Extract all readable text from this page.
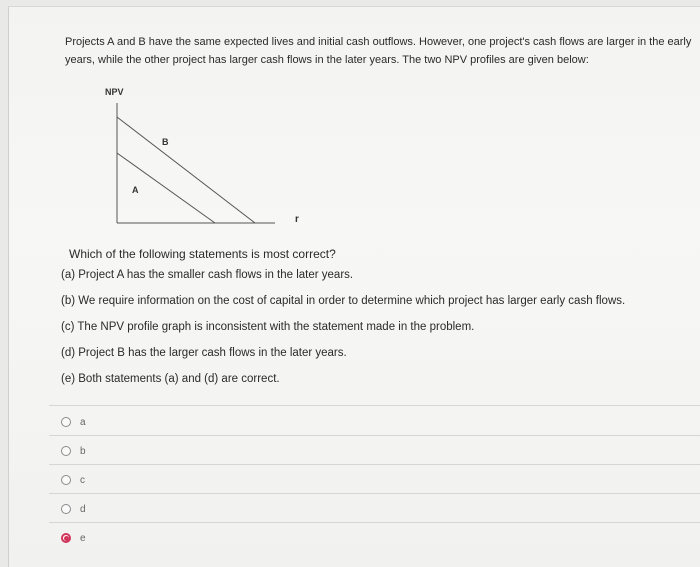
Projects A and B have the same expected lives and initial cash outflows. However, one project's cash flows are larger in the early years, while the other project has larger cash flows in the later years. The two NPV profiles are given below:
NPV
B
A
r
Which of the following statements is most correct?
(a) Project A has the smaller cash flows in the later years.
(b) We require information on the cost of capital in order to determine which project has larger early cash flows.
(c) The NPV profile graph is inconsistent with the statement made in the problem.
(d) Project B has the larger cash flows in the later years.
(e) Both statements (a) and (d) are correct.
a
b
c
d
e
